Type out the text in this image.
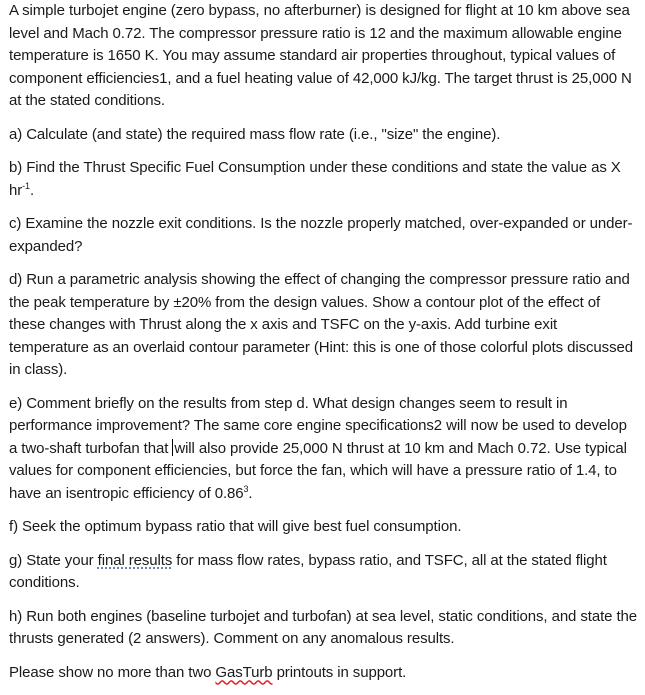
A simple turbojet engine (zero bypass, no afterburner) is designed for flight at 10 km above sea level and Mach 0.72. The compressor pressure ratio is 12 and the maximum allowable engine temperature is 1650 K. You may assume standard air properties throughout, typical values of component efficiencies1, and a fuel heating value of 42,000 kJ/kg. The target thrust is 25,000 N at the stated conditions.

a) Calculate (and state) the required mass flow rate (i.e., "size" the engine).

b) Find the Thrust Specific Fuel Consumption under these conditions and state the value as X $hr^{-1}$.

c) Examine the nozzle exit conditions. Is the nozzle properly matched, over-expanded or under-expanded?

d) Run a parametric analysis showing the effect of changing the compressor pressure ratio and the peak temperature by ±20% from the design values. Show a contour plot of the effect of these changes with Thrust along the x axis and TSFC on the y-axis. Add turbine exit temperature as an overlaid contour parameter (Hint: this is one of those colorful plots discussed in class).

e) Comment briefly on the results from step d. What design changes seem to result in performance improvement? The same core engine specifications2 will now be used to develop a two-shaft turbofan that will also provide 25,000 N thrust at 10 km and Mach 0.72. Use typical values for component efficiencies, but force the fan, which will have a pressure ratio of 1.4, to have an isentropic efficiency of 0.86$^3$.

f) Seek the optimum bypass ratio that will give best fuel consumption.

g) State your final results for mass flow rates, bypass ratio, and TSFC, all at the stated flight conditions.

h) Run both engines (baseline turbojet and turbofan) at sea level, static conditions, and state the thrusts generated (2 answers). Comment on any anomalous results.

Please show no more than two GasTurb printouts in support.
